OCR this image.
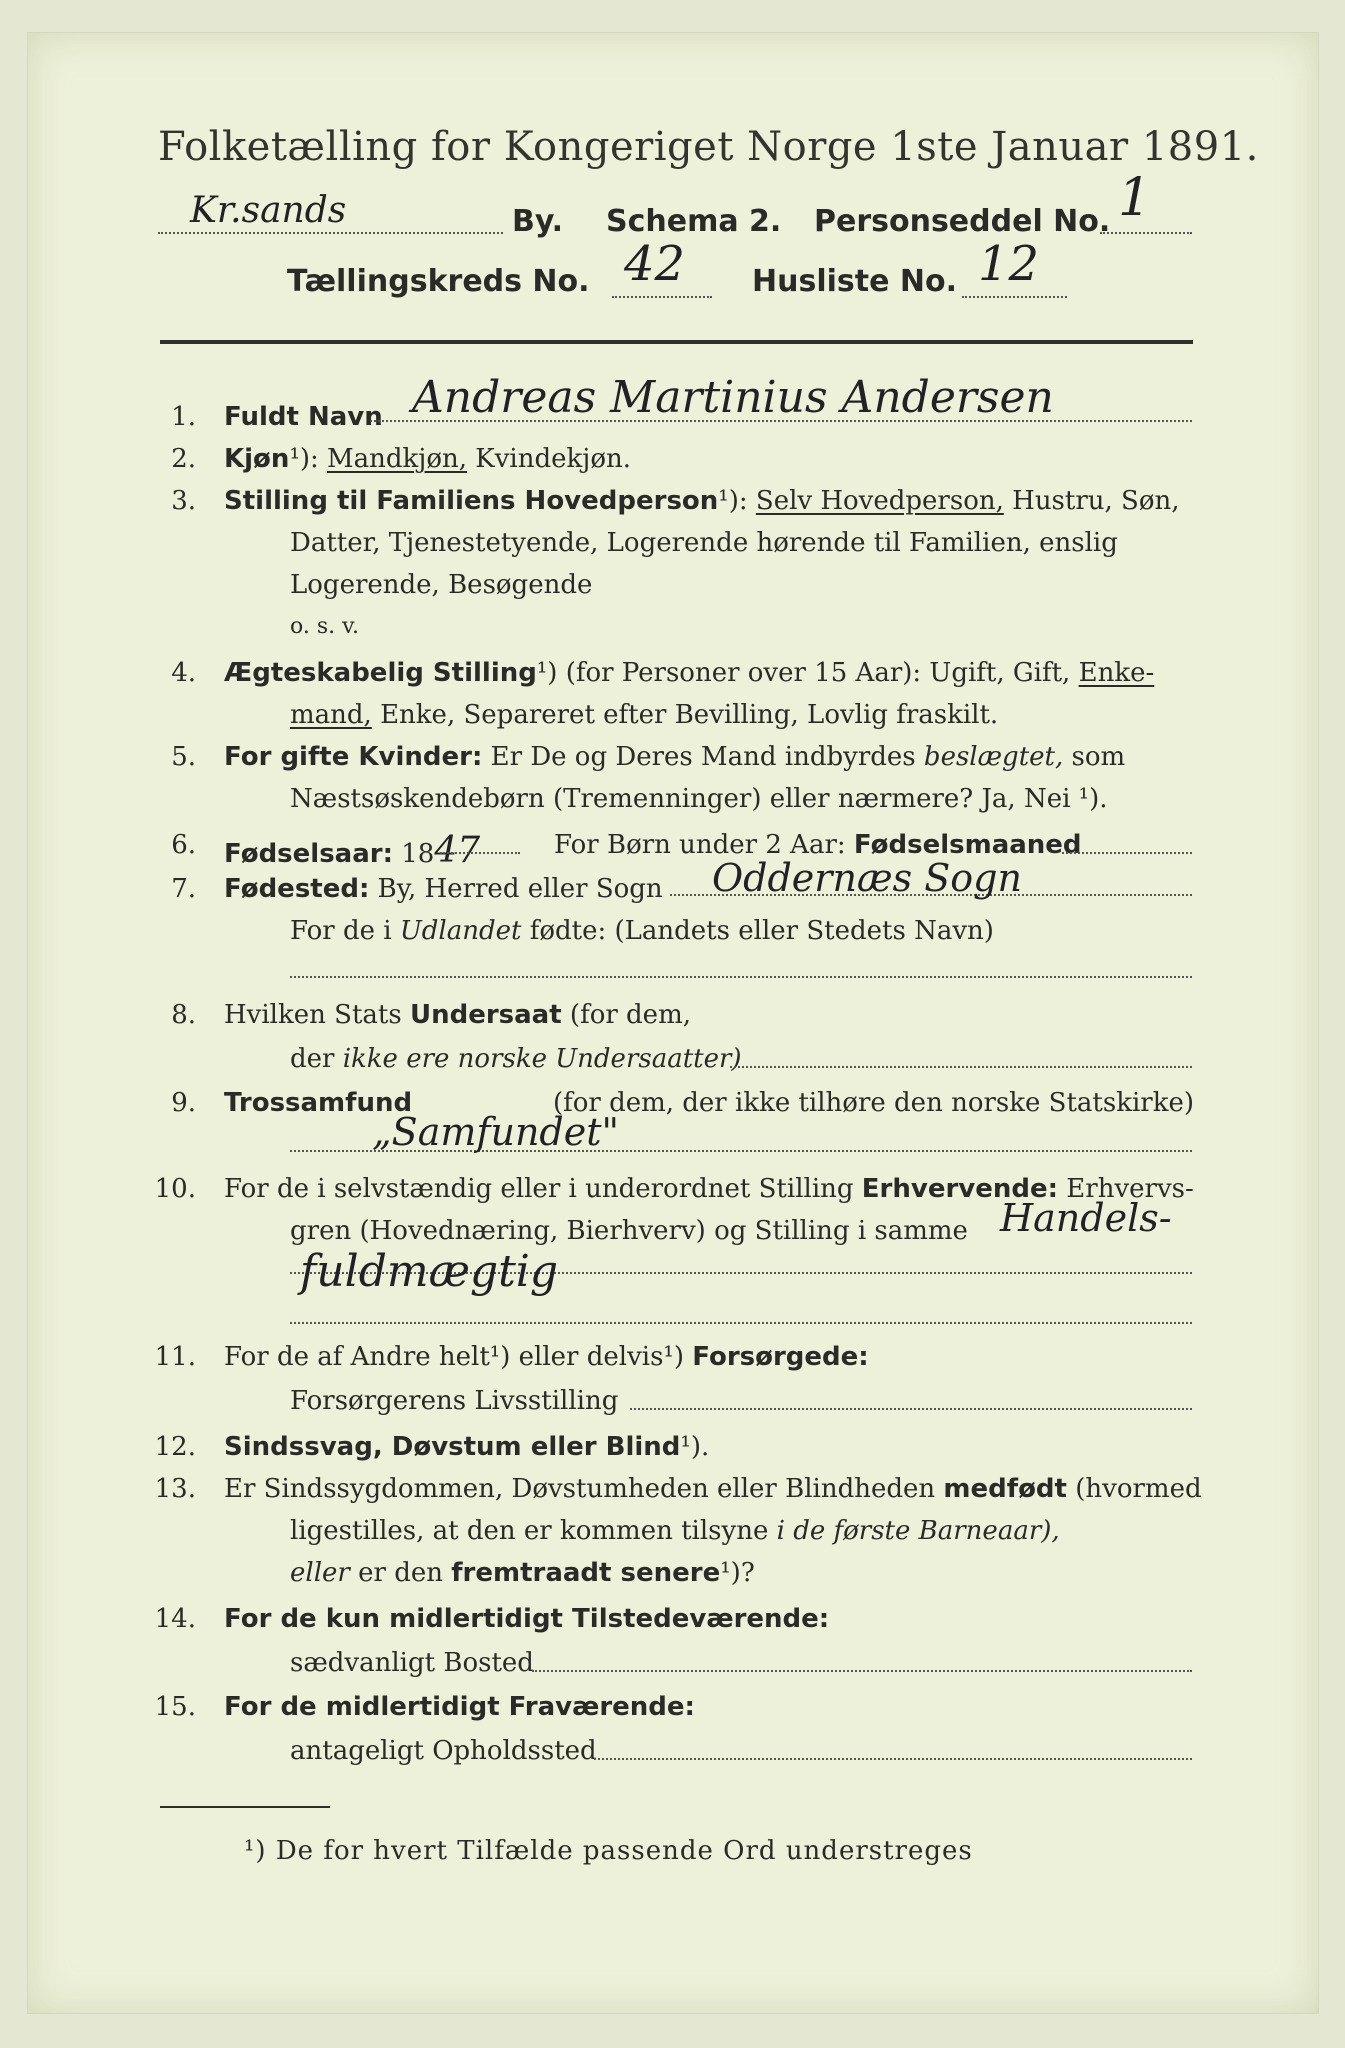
Folketælling for Kongeriget Norge 1ste Januar 1891.
Kr.sands	By. Schema 2. Personseddel No. 1
Tællingskreds No. 42 Husliste No. 12
1. Fuldt Navn Andreas Martinius Andersen
2. Kjøn¹): Mandkjøn, Kvindekjøn.
3. Stilling til Familiens Hovedperson¹): Selv Hovedperson, Hustru, Søn,
Datter, Tjenestetyende, Logerende hørende til Familien, enslig
Logerende, Besøgende
o. s. v.
4. Ægteskabelig Stilling¹) (for Personer over 15 Aar): Ugift, Gift, Enke-
mand, Enke, Separeret efter Bevilling, Lovlig fraskilt.
5. For gifte Kvinder: Er De og Deres Mand indbyrdes beslægtet, som
Næstsøskendebørn (Tremenninger) eller nærmere? Ja, Nei ¹).
6. Fødselsaar: 1847	For Børn under 2 Aar: Fødselsmaaned
7. Fødested: By, Herred eller Sogn Oddernæs Sogn
For de i Udlandet fødte: (Landets eller Stedets Navn)
8. Hvilken Stats Undersaat (for dem,
der ikke ere norske Undersaatter)
9. Trossamfund	(for dem, der ikke tilhøre den norske Statskirke)
„Samfundet"
10. For de i selvstændig eller i underordnet Stilling Erhvervende: Erhvervs-
gren (Hovednæring, Bierhverv) og Stilling i samme Handels-
fuldmægtig
11. For de af Andre helt¹) eller delvis¹) Forsørgede:
Forsørgerens Livsstilling
12. Sindssvag, Døvstum eller Blind¹).
13. Er Sindssygdommen, Døvstumheden eller Blindheden medfødt (hvormed
ligestilles, at den er kommen tilsyne i de første Barneaar),
eller er den fremtraadt senere¹)?
14. For de kun midlertidigt Tilstedeværende:
sædvanligt Bosted
15. For de midlertidigt Fraværende:
antageligt Opholdssted
¹) De for hvert Tilfælde passende Ord understreges
